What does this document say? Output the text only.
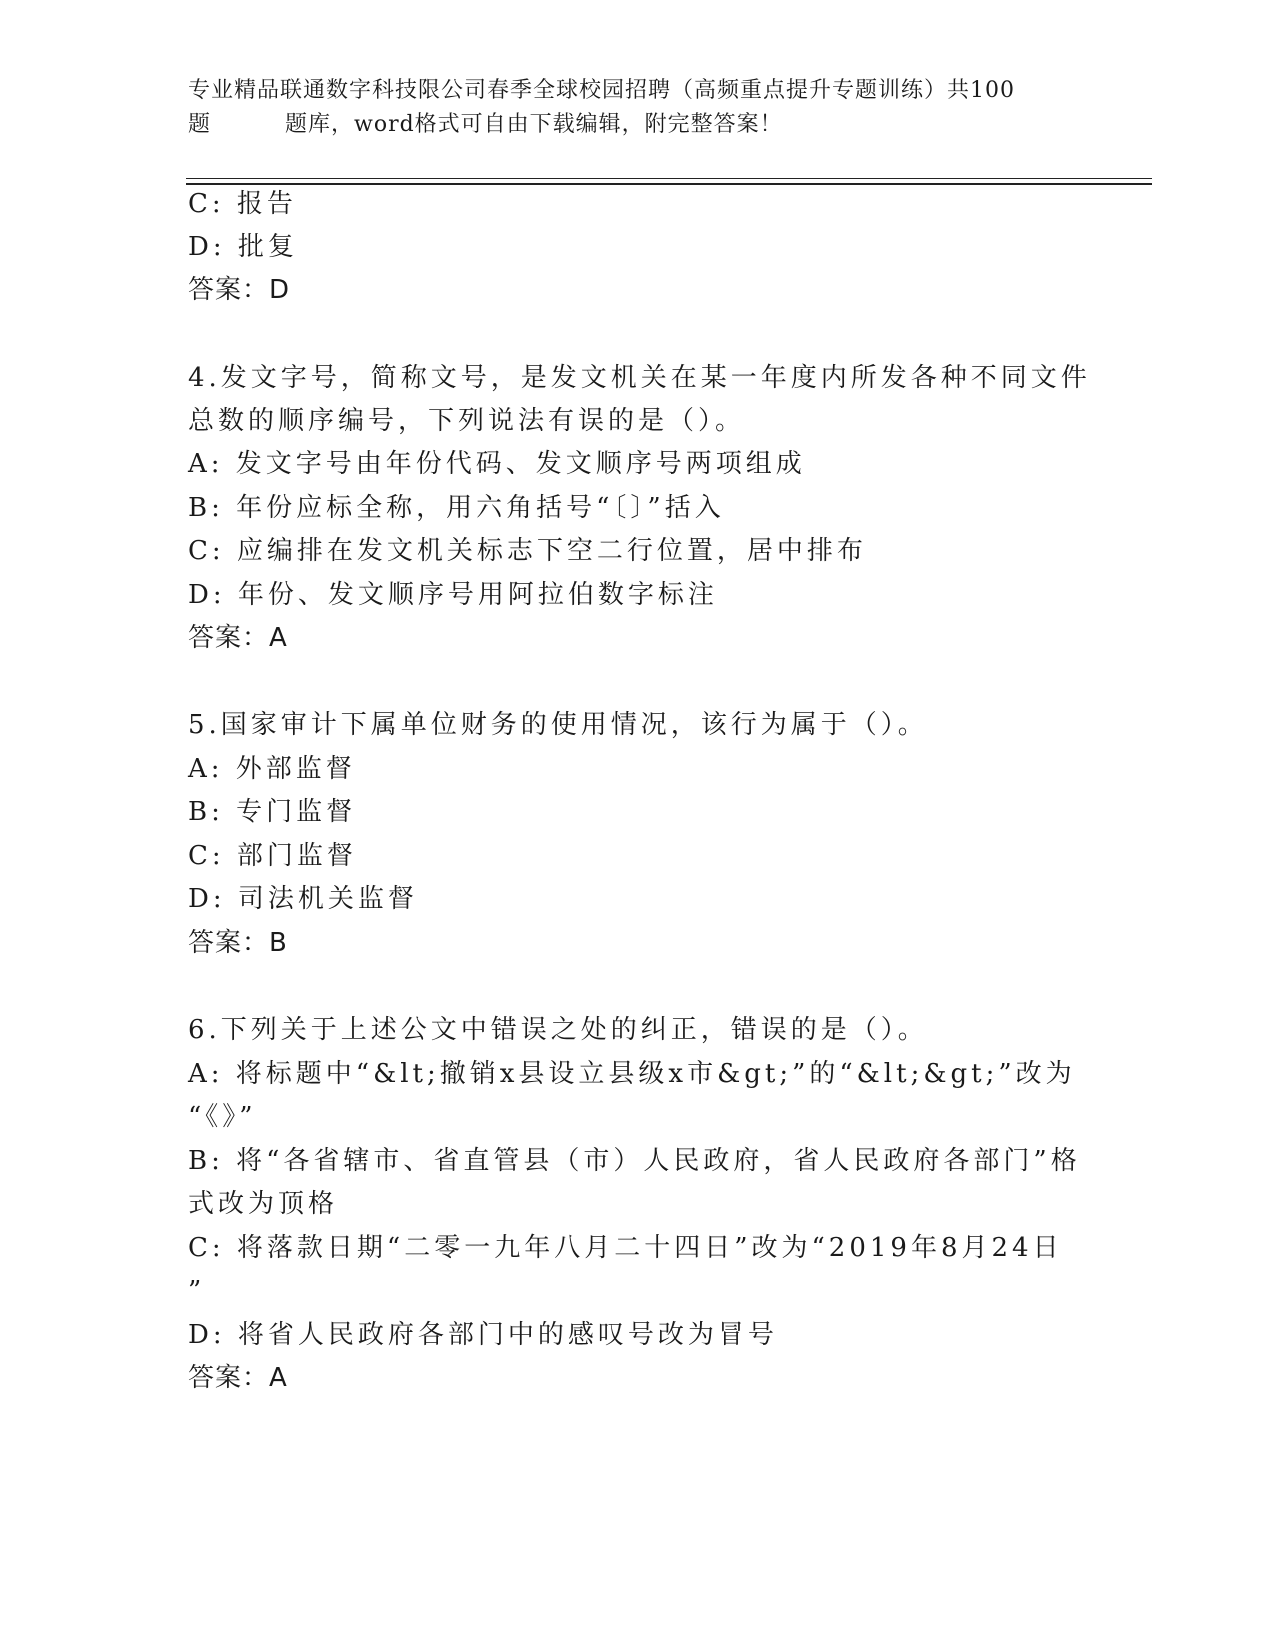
专业精品联通数字科技限公司春季全球校园招聘（高频重点提升专题训练）共100
题	题库，word格式可自由下载编辑，附完整答案！
C: 报告
D: 批复
答案：D
4.发文字号，简称文号，是发文机关在某一年度内所发各种不同文件
总数的顺序编号，下列说法有误的是（）。
A: 发文字号由年份代码、发文顺序号两项组成
B: 年份应标全称，用六角括号“〔〕”括入
C: 应编排在发文机关标志下空二行位置，居中排布
D: 年份、发文顺序号用阿拉伯数字标注
答案：A
5.国家审计下属单位财务的使用情况，该行为属于（）。
A: 外部监督
B: 专门监督
C: 部门监督
D: 司法机关监督
答案：B
6.下列关于上述公文中错误之处的纠正，错误的是（）。
A: 将标题中“&lt;撤销x县设立县级x市&gt;”的“&lt;&gt;”改为
“《》”
B: 将“各省辖市、省直管县（市）人民政府，省人民政府各部门”格
式改为顶格
C: 将落款日期“二零一九年八月二十四日”改为“2019年8月24日
”
D: 将省人民政府各部门中的感叹号改为冒号
答案：A
